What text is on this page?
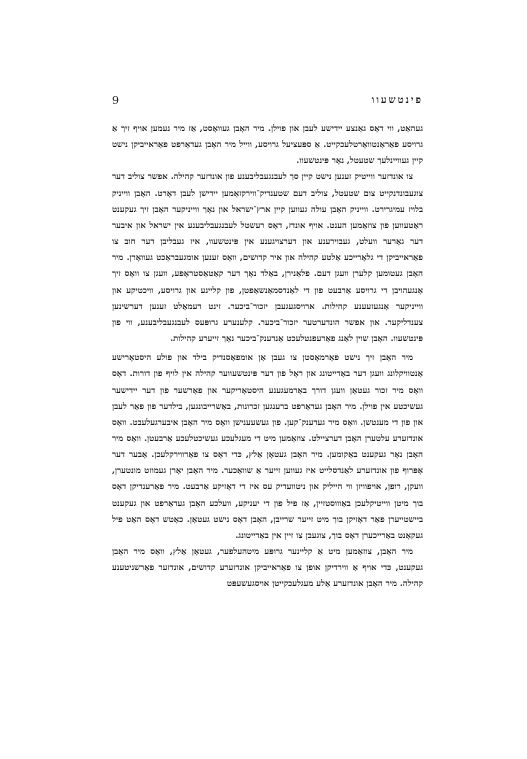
9	פינטשעוו

געהאַט, ווי דאָס גאַנצע יידישע לעבן און פוילן. מיר האָבן געוואָסט, אַז מיר נעמען אויף זיך אַ גרויסע פאַראַנטוואָרטלעכקייט. אַ ספּעציעל גרויסע, ווייל מיר האָבן געדאַרפט פאַראייביקן נישט קיין געוויינלעך שטעטל, נאָר פּינטשעוו.

צו אונדזער ווייטיק זענען נישט קיין סך לעבנגעבליבענע פון אונדזער קהילה. אפשר צוליב דער צוגעבונדנקייט צום שטעטל, צוליב דעם שטענדיק־ווירקזאַמען יידישן לעבן דאָרט. האָבן ווייניק בלויז עמיגרירט. ווייניק האָבן עולה געווען קיין ארץ־ישראל און נאָך ווייניקער האָבן זיך געקענט ראַטעווען פון צוזאַמען הענט. אויף אונדז, דאָס רעשטל לעבנגעבליבענע אין ישראל און איבער דער גאָרער וועלט, געבוירענע און דערצויגענע אין פּינטשעוו, איז געבליבן דער חוב צו פאַראייביקן די גלאָרייכע אַלטע קהילה און איר קדושים, וואָס זענען אומגעבראַכט געוואָרן. מיר האָבן געטומען קלערן וועגן דעם. פלאַנירן, באַלד נאָך דער קאַטאַסטראָפע, וועגן צו וואָס זיך אָנגעהויבן די גרויסע אַרבעט פון די לאַנדסמאַנשאַפטן, פון קליינע און גרויסע, וויכטיקע און ווייניקער אָנגעזעענע קהילות. ארויסגעגעבן יזכור־ביכער. זינט דעמאָלט זענען דערשינען צענדליקער. און אפשר הונדערטער יזכור־ביכער. קלענערע גרופּעס לעבנגעבליבענע, ווי פון פּינטשעוו. האָבן שוין לאַנג פאַרעפנטלעכט אַנדענק־ביכער נאָך זייערע קהילות.

מיר האָבן זיך נישט פאַרמאָסטן צו געבן אַן אומפאַסנדיק בילד און פולע היסטאָרישע אַנטוויקלונג וועגן דער באַדייטונג און ראָל פון דער פּינטשעווער קהילה אין לויף פון דורות. דאָס וואָס מיר זכור געטאָן וועגן דורך באַרמעגענע היסטאָריקער און פאָרשער פון דער יידישער געשיכטע אין פוילן. מיר האָבן געדאַרפט ברענגען זכרונות, באַשרייבונגען, בילדער פון פאַר לעבן און פון די מענטשן. וואָס מיר געדענק־קען. פון געשעענישן וואָס מיר האָבן איבערגעלעבט. וואָס אונדזערע עלטערן האָבן דערציילט. צוזאַמען מיט די מעגלעכע געשיכטלעכע אַרבעטן. וואָס מיר האָבן נאָר געקענט באַקומען. מיר האָבן געטאָן אַלץ, כּדי דאָס צו פאַרווירקלעכן. אָבער דער אָפּרוף פון אונדזערע לאַנדסלייט איז געווען זייער אַ שוואַכער. מיר האָבן יאָרן געמוזט מונטערן, וועקן, רופן, אויפוויזן ווי הייליק און ניטוועדיק עס איז די דאָזיקע אַרבעט. מיר פאַרענדיקן דאָס בוך מיטן ווייטיקלעכן באַוווסטזיין, אַז פיל פון די יעניקע, וועלכע האָבן געדאַרפט און געקענט ביישטייערן פאַר דאָזיקן בוך מיט זייער שרייבן, האָבן דאָס נישט געטאָן. כאָטש דאָס האָט פיל געקאָנט באַרייכערן דאָס בוך, צוגעבן צו זיין אין באַדייטונג.

מיר האָבן, צוזאַמען מיט אַ קליינער גרופּע מיטהעלפער, געטאָן אַלץ, וואָס מיר האָבן געקענט, כּדי אויף אַ ווירדיקן אופן צו פאַראייביקן אונדזערע קדושים, אונדזער פאַרשניטענע קהילה. מיר האָבן אונדזערע אַלע מעגלעכקייטן אויסגעשעפּט
